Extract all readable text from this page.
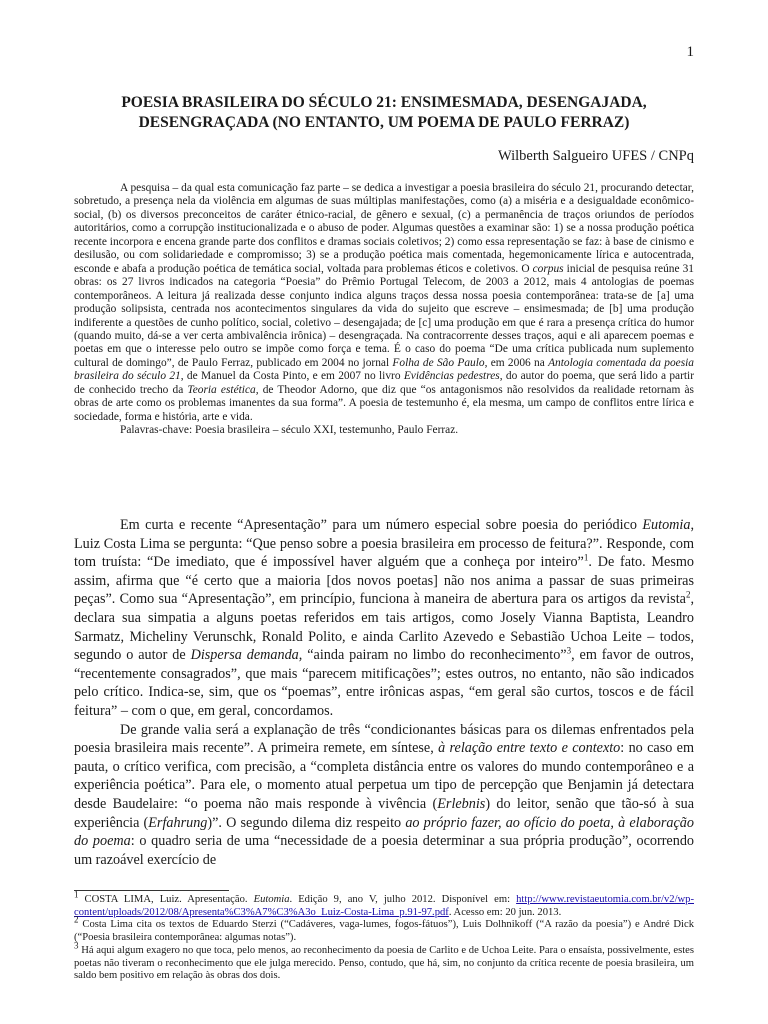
1
POESIA BRASILEIRA DO SÉCULO 21: ENSIMESMADA, DESENGAJADA,
DESENGRAÇADA (NO ENTANTO, UM POEMA DE PAULO FERRAZ)
Wilberth Salgueiro UFES / CNPq

A pesquisa – da qual esta comunicação faz parte – se dedica a investigar a poesia brasileira do século 21, procurando detectar, sobretudo, a presença nela da violência em algumas de suas múltiplas manifestações, como (a) a miséria e a desigualdade econômico-social, (b) os diversos preconceitos de caráter étnico-racial, de gênero e sexual, (c) a permanência de traços oriundos de períodos autoritários, como a corrupção institucionalizada e o abuso de poder. Algumas questões a examinar são: 1) se a nossa produção poética recente incorpora e encena grande parte dos conflitos e dramas sociais coletivos; 2) como essa representação se faz: à base de cinismo e desilusão, ou com solidariedade e compromisso; 3) se a produção poética mais comentada, hegemonicamente lírica e autocentrada, esconde e abafa a produção poética de temática social, voltada para problemas éticos e coletivos. O corpus inicial de pesquisa reúne 31 obras: os 27 livros indicados na categoria “Poesia” do Prêmio Portugal Telecom, de 2003 a 2012, mais 4 antologias de poemas contemporâneos. A leitura já realizada desse conjunto indica alguns traços dessa nossa poesia contemporânea: trata-se de [a] uma produção solipsista, centrada nos acontecimentos singulares da vida do sujeito que escreve – ensimesmada; de [b] uma produção indiferente a questões de cunho político, social, coletivo – desengajada; de [c] uma produção em que é rara a presença crítica do humor (quando muito, dá-se a ver certa ambivalência irônica) – desengraçada. Na contracorrente desses traços, aqui e ali aparecem poemas e poetas em que o interesse pelo outro se impõe como força e tema. É o caso do poema “De uma crítica publicada num suplemento cultural de domingo”, de Paulo Ferraz, publicado em 2004 no jornal Folha de São Paulo, em 2006 na Antologia comentada da poesia brasileira do século 21, de Manuel da Costa Pinto, e em 2007 no livro Evidências pedestres, do autor do poema, que será lido a partir de conhecido trecho da Teoria estética, de Theodor Adorno, que diz que “os antagonismos não resolvidos da realidade retornam às obras de arte como os problemas imanentes da sua forma”. A poesia de testemunho é, ela mesma, um campo de conflitos entre lírica e sociedade, forma e história, arte e vida.

Palavras-chave: Poesia brasileira – século XXI, testemunho, Paulo Ferraz.

Em curta e recente “Apresentação” para um número especial sobre poesia do periódico Eutomia, Luiz Costa Lima se pergunta: “Que penso sobre a poesia brasileira em processo de feitura?”. Responde, com tom truísta: “De imediato, que é impossível haver alguém que a conheça por inteiro”$^1$. De fato. Mesmo assim, afirma que “é certo que a maioria [dos novos poetas] não nos anima a passar de suas primeiras peças”. Como sua “Apresentação”, em princípio, funciona à maneira de abertura para os artigos da revista$^2$, declara sua simpatia a alguns poetas referidos em tais artigos, como Josely Vianna Baptista, Leandro Sarmatz, Micheliny Verunschk, Ronald Polito, e ainda Carlito Azevedo e Sebastião Uchoa Leite – todos, segundo o autor de Dispersa demanda, “ainda pairam no limbo do reconhecimento”$^3$, em favor de outros, “recentemente consagrados”, que mais “parecem mitificações”; estes outros, no entanto, não são indicados pelo crítico. Indica-se, sim, que os “poemas”, entre irônicas aspas, “em geral são curtos, toscos e de fácil feitura” – com o que, em geral, concordamos.

De grande valia será a explanação de três “condicionantes básicas para os dilemas enfrentados pela poesia brasileira mais recente”. A primeira remete, em síntese, à relação entre texto e contexto: no caso em pauta, o crítico verifica, com precisão, a “completa distância entre os valores do mundo contemporâneo e a experiência poética”. Para ele, o momento atual perpetua um tipo de percepção que Benjamin já detectara desde Baudelaire: “o poema não mais responde à vivência (Erlebnis) do leitor, senão que tão-só à sua experiência (Erfahrung)”. O segundo dilema diz respeito ao próprio fazer, ao ofício do poeta, à elaboração do poema: o quadro seria de uma “necessidade de a poesia determinar a sua própria produção”, ocorrendo um razoável exercício de

$^1$ COSTA LIMA, Luiz. Apresentação. Eutomia. Edição 9, ano V, julho 2012. Disponível em: http://www.revistaeutomia.com.br/v2/wp-content/uploads/2012/08/Apresenta%C3%A7%C3%A3o_Luiz-Costa-Lima_p.91-97.pdf. Acesso em: 20 jun. 2013.

$^2$ Costa Lima cita os textos de Eduardo Sterzi (“Cadáveres, vaga-lumes, fogos-fátuos”), Luis Dolhnikoff (“A razão da poesia”) e André Dick (“Poesia brasileira contemporânea: algumas notas”).

$^3$ Há aqui algum exagero no que toca, pelo menos, ao reconhecimento da poesia de Carlito e de Uchoa Leite. Para o ensaísta, possivelmente, estes poetas não tiveram o reconhecimento que ele julga merecido. Penso, contudo, que há, sim, no conjunto da crítica recente de poesia brasileira, um saldo bem positivo em relação às obras dos dois.
